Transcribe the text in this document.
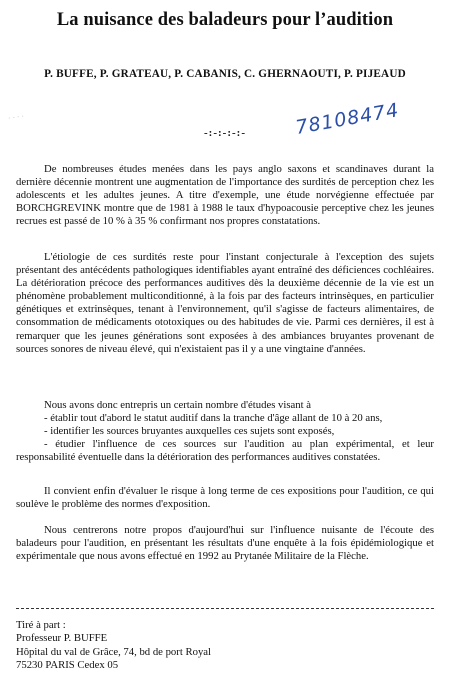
La nuisance des baladeurs pour l’audition
P. BUFFE, P. GRATEAU, P. CABANIS, C. GHERNAOUTI, P. PIJEAUD
· · · ·
-:-:-:-:-	78108474

De nombreuses études menées dans les pays anglo saxons et scandinaves durant la dernière décennie montrent une augmentation de l'importance des surdités de perception chez les adolescents et les adultes jeunes. A titre d'exemple, une étude norvégienne effectuée par BORCHGREVINK montre que de 1981 à 1988 le taux d'hypoacousie perceptive chez les jeunes recrues est passé de 10 % à 35 % confirmant nos propres constatations.

L'étiologie de ces surdités reste pour l'instant conjecturale à l'exception des sujets présentant des antécédents pathologiques identifiables ayant entraîné des déficiences cochléaires. La détérioration précoce des performances auditives dès la deuxième décennie de la vie est un phénomène probablement multiconditionné, à la fois par des facteurs intrinsèques, en particulier génétiques et extrinsèques, tenant à l'environnement, qu'il s'agisse de facteurs alimentaires, de consommation de médicaments ototoxiques ou des habitudes de vie. Parmi ces dernières, il est à remarquer que les jeunes générations sont exposées à des ambiances bruyantes provenant de sources sonores de niveau élevé, qui n'existaient pas il y a une vingtaine d'années.

Nous avons donc entrepris un certain nombre d'études visant à

- établir tout d'abord le statut auditif dans la tranche d'âge allant de 10 à 20 ans,

- identifier les sources bruyantes auxquelles ces sujets sont exposés,

- étudier l'influence de ces sources sur l'audition au plan expérimental, et leur responsabilité éventuelle dans la détérioration des performances auditives constatées.

Il convient enfin d'évaluer le risque à long terme de ces expositions pour l'audition, ce qui soulève le problème des normes d'exposition.

Nous centrerons notre propos d'aujourd'hui sur l'influence nuisante de l'écoute des baladeurs pour l'audition, en présentant les résultats d'une enquête à la fois épidémiologique et expérimentale que nous avons effectué en 1992 au Prytanée Militaire de la Flèche.

Tiré à part :
Professeur P. BUFFE
Hôpital du val de Grâce, 74, bd de port Royal
75230 PARIS Cedex 05
